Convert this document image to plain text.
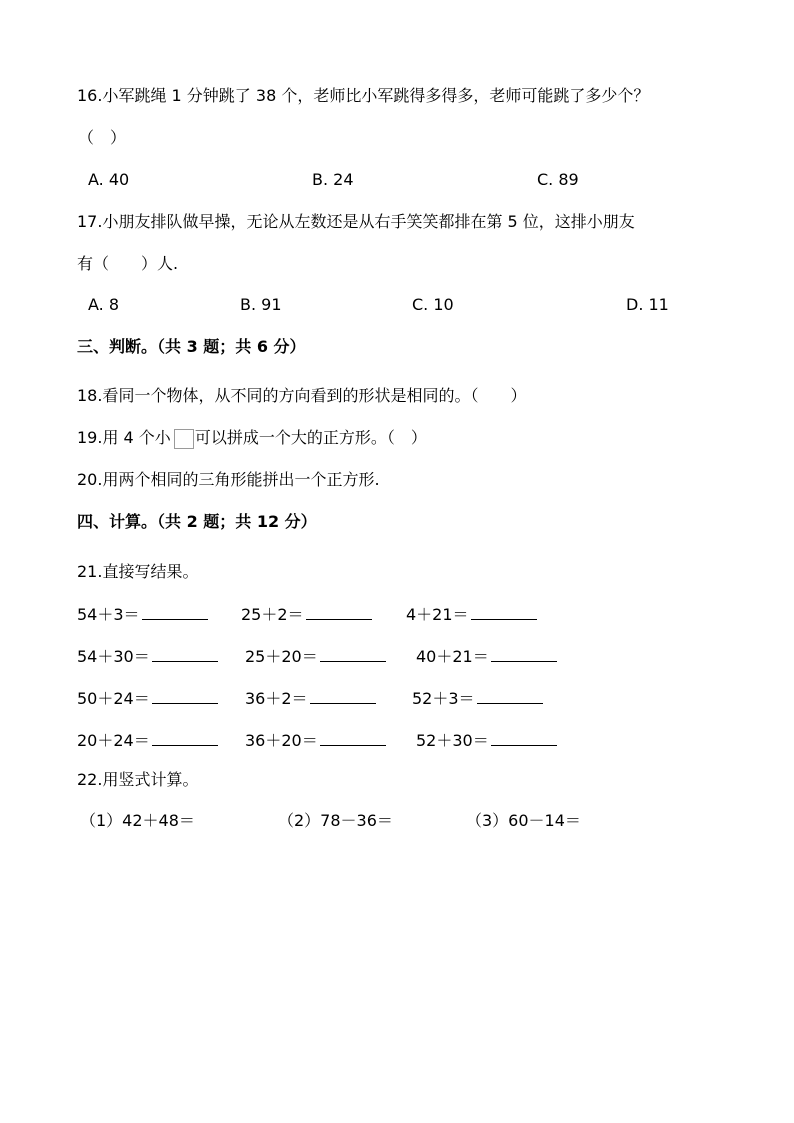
16.小军跳绳 1 分钟跳了 38 个，老师比小军跳得多得多，老师可能跳了多少个？
（　）
A. 40	B. 24	C. 89
17.小朋友排队做早操，无论从左数还是从右手笑笑都排在第 5 位，这排小朋友
有（　　）人.
A. 8	B. 91	C. 10	D. 11
三、判断。（共 3 题；共 6 分）
18.看同一个物体，从不同的方向看到的形状是相同的。（　　）
19.用 4 个小 可以拼成一个大的正方形。（　）
20.用两个相同的三角形能拼出一个正方形.
四、计算。（共 2 题；共 12 分）
21.直接写结果。
54＋3＝	25＋2＝	4＋21＝
54＋30＝	25＋20＝	40＋21＝
50＋24＝	36＋2＝	52＋3＝
20＋24＝	36＋20＝	52＋30＝
22.用竖式计算。
（1）42＋48＝	（2）78－36＝	（3）60－14＝
